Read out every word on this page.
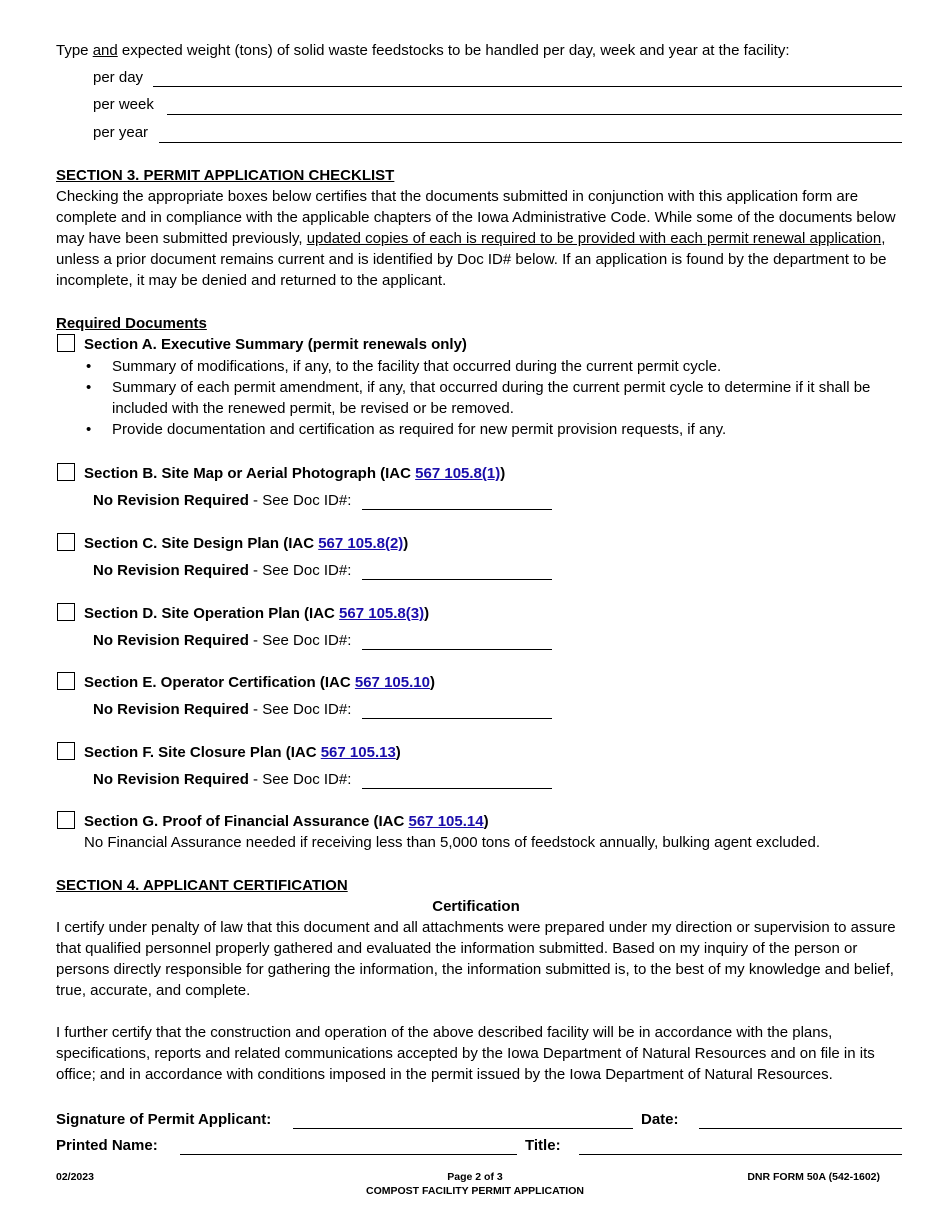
Type and expected weight (tons) of solid waste feedstocks to be handled per day, week and year at the facility:
per day
per week
per year
SECTION 3. PERMIT APPLICATION CHECKLIST
Checking the appropriate boxes below certifies that the documents submitted in conjunction with this application form are complete and in compliance with the applicable chapters of the Iowa Administrative Code. While some of the documents below may have been submitted previously, updated copies of each is required to be provided with each permit renewal application, unless a prior document remains current and is identified by Doc ID# below. If an application is found by the department to be incomplete, it may be denied and returned to the applicant.
Required Documents
Section A. Executive Summary (permit renewals only)
• Summary of modifications, if any, to the facility that occurred during the current permit cycle.
• Summary of each permit amendment, if any, that occurred during the current permit cycle to determine if it shall be included with the renewed permit, be revised or be removed.
• Provide documentation and certification as required for new permit provision requests, if any.
Section B. Site Map or Aerial Photograph (IAC 567 105.8(1))
No Revision Required - See Doc ID#:
Section C. Site Design Plan (IAC 567 105.8(2))
No Revision Required - See Doc ID#:
Section D. Site Operation Plan (IAC 567 105.8(3))
No Revision Required - See Doc ID#:
Section E. Operator Certification (IAC 567 105.10)
No Revision Required - See Doc ID#:
Section F. Site Closure Plan (IAC 567 105.13)
No Revision Required - See Doc ID#:
Section G. Proof of Financial Assurance (IAC 567 105.14)
No Financial Assurance needed if receiving less than 5,000 tons of feedstock annually, bulking agent excluded.
SECTION 4. APPLICANT CERTIFICATION
Certification
I certify under penalty of law that this document and all attachments were prepared under my direction or supervision to assure that qualified personnel properly gathered and evaluated the information submitted. Based on my inquiry of the person or persons directly responsible for gathering the information, the information submitted is, to the best of my knowledge and belief, true, accurate, and complete.
I further certify that the construction and operation of the above described facility will be in accordance with the plans, specifications, reports and related communications accepted by the Iowa Department of Natural Resources and on file in its office; and in accordance with conditions imposed in the permit issued by the Iowa Department of Natural Resources.
Signature of Permit Applicant:	Date:
Printed Name:	Title:
02/2023	Page 2 of 3
COMPOST FACILITY PERMIT APPLICATION
DNR FORM 50A (542-1602)
